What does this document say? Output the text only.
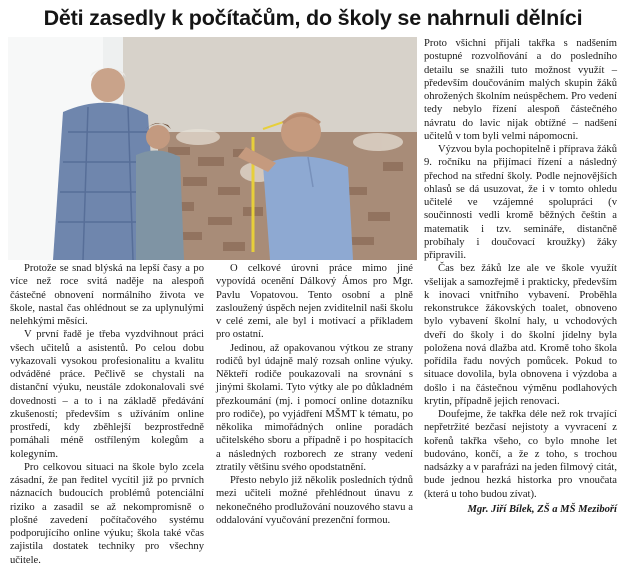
Děti zasedly k počítačům, do školy se nahrnuli dělníci

Protože se snad blýská na lepší časy a po více než roce svitá naděje na alespoň částečné obnovení normálního života ve škole, nastal čas ohlédnout se za uplynulými nelehkými měsíci.

V první řadě je třeba vyzdvihnout práci všech učitelů a asistentů. Po celou dobu vykazovali vysokou profesionalitu a kvalitu odváděné práce. Pečlivě se chystali na distanční výuku, neustále zdokonalovali své dovednosti – a to i na základě předávání zkušeností; především s užíváním online prostředí, kdy zběhlejší bezprostředně pomáhali méně ostříleným kolegům a kolegyním.

Pro celkovou situaci na škole bylo zcela zásadní, že pan ředitel vycítil již po prvních náznacích budoucích problémů potenciální riziko a zasadil se až nekompromisně o plošné zavedení počítačového systému podporujícího online výuku; škola také včas zajistila dostatek techniky pro všechny učitele.

O celkové úrovni práce mimo jiné vypovídá ocenění Dálkový Ámos pro Mgr. Pavlu Vopatovou. Tento osobní a plně zasloužený úspěch nejen zviditelnil naši školu v celé zemi, ale byl i motivací a příkladem pro ostatní.

Jedinou, až opakovanou výtkou ze strany rodičů byl údajně malý rozsah online výuky. Někteří rodiče poukazovali na srovnání s jinými školami. Tyto výtky ale po důkladném přezkoumání (mj. i pomocí online dotazníku pro rodiče), po vyjádření MŠMT k tématu, po několika mimořádných online poradách učitelského sboru a případně i po hospitacích a následných rozborech ze strany vedení ztratily většinu svého opodstatnění.

Přesto nebylo již několik posledních týdnů mezi učiteli možné přehlédnout únavu z nekonečného prodlužování nouzového stavu a oddalování vyučování prezenční formou.

Proto všichni přijali takřka s nadšením postupné rozvolňování a do posledního detailu se snažili tuto možnost využít – především doučováním malých skupin žáků ohrožených školním neúspěchem. Pro vedení tedy nebylo řízení alespoň částečného návratu do lavic nijak obtížné – nadšení učitelů v tom byli velmi nápomocni.

Výzvou byla pochopitelně i příprava žáků 9. ročníku na přijímací řízení a následný přechod na střední školy. Podle nejnovějších ohlasů se dá usuzovat, že i v tomto ohledu učitelé ve vzájemné spolupráci (v součinnosti vedli kromě běžných češtin a matematik i tzv. semináře, distančně probíhaly i doučovací kroužky) žáky připravili.

Čas bez žáků lze ale ve škole využít všelijak a samozřejmě i prakticky, především k inovaci vnitřního vybavení. Proběhla rekonstrukce žákovských toalet, obnoveno bylo vybavení školní haly, u vchodových dveří do školy i do školní jídelny byla položena nová dlažba atd. Kromě toho škola pořídila řadu nových pomůcek. Pokud to situace dovolila, byla obnovena i výzdoba a došlo i na částečnou výměnu podlahových krytin, případně jejich renovaci.

Doufejme, že takřka déle než rok trvající nepřetržité bezčasí nejistoty a vyvracení z kořenů takřka všeho, co bylo mnohe let budováno, končí, a že z toho, s trochou nadsázky a v parafrázi na jeden filmový citát, bude jednou hezká historka pro vnoučata (která u toho budou zívat).

Mgr. Jiří Bílek, ZŠ a MŠ Meziboří
